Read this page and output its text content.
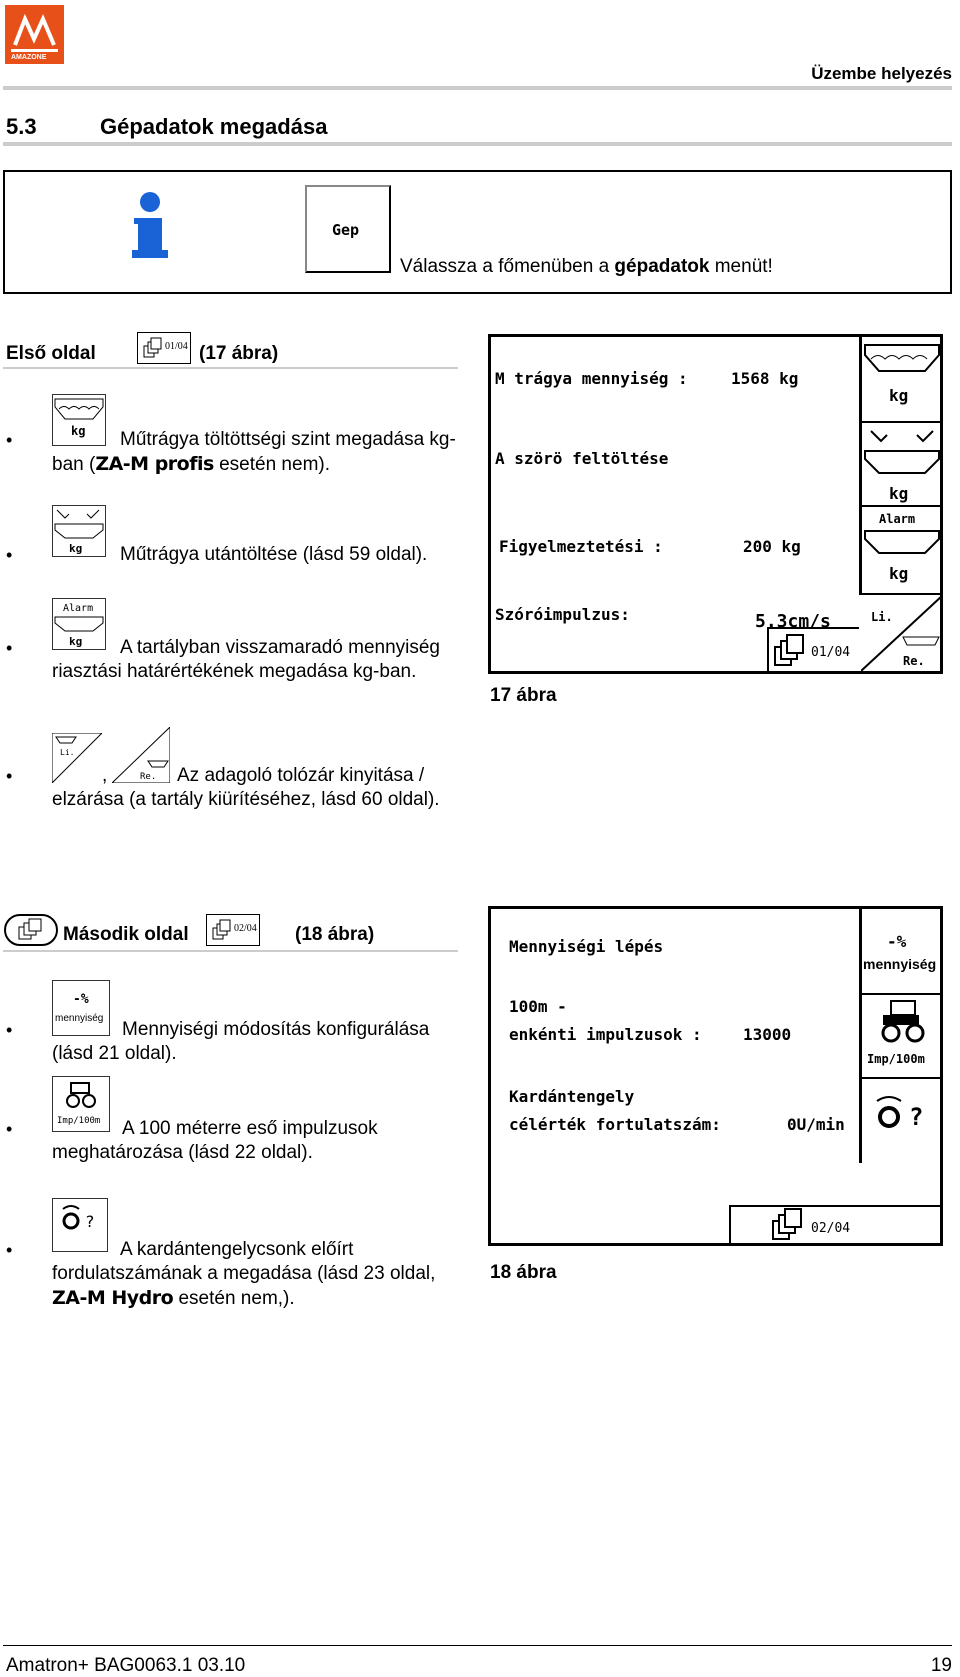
AMAZONE
Üzembe helyezés
5.3	Gépadatok megadása
Gep
Válassza a főmenüben a gépadatok menüt!
Első oldal	01/04 (17 ábra)
kg
•	Műtrágya töltöttségi szint megadása kg-ban (ZA-M profis esetén nem).
kg
•	Műtrágya utántöltése (lásd 59 oldal).
Alarm
kg
•	A tartályban visszamaradó mennyiség riasztási határértékének megadása kg-ban.
Li.
Re.
•	,	Az adagoló tolózár kinyitása / elzárása (a tartály kiürítéséhez, lásd 60 oldal).
M trágya mennyiség :	1568 kg
A szörö feltöltése
Figyelmeztetési :	200 kg
Szóróimpulzus:	5.3cm/s
kg
kg
Alarm
kg
01/04
Li.
Re.
17 ábra
Második oldal	02/04 (18 ábra)
-%
mennyiség
•	Mennyiségi módosítás konfigurálása (lásd 21 oldal).
Imp/100m
•	A 100 méterre eső impulzusok meghatározása (lásd 22 oldal).
?
•	A kardántengelycsonk előírt fordulatszámának a megadása (lásd 23 oldal, ZA-M Hydro esetén nem,).
Mennyiségi lépés
100m -
enkénti impulzusok :	13000
Kardántengely
célérték fortulatszám:	0U/min
-%
mennyiség
Imp/100m
?
02/04
18 ábra
Amatron+ BAG0063.1 03.10	19
